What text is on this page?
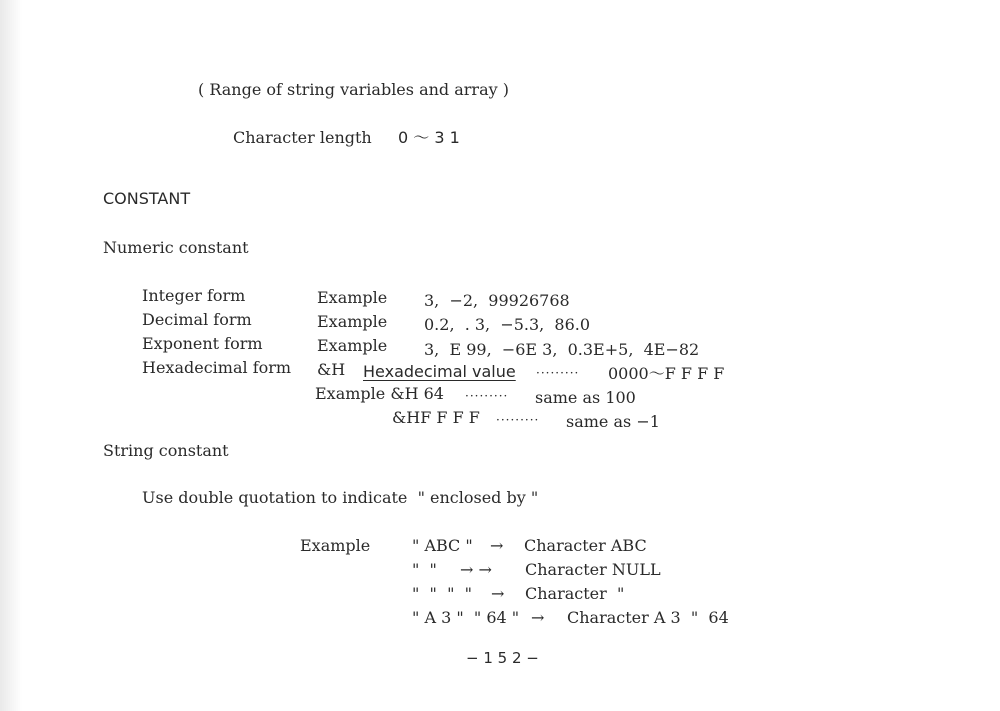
( Range of string variables and array )
Character length 0 ～ 3 1
CONSTANT
Numeric constant
Integer form	Example 3,  −2,  99926768
Decimal form	Example 0.2,  . 3,  −5.3,  86.0
Exponent form	Example 3,  E 99,  −6E 3,  0.3E+5,  4E−82
Hexadecimal form &H Hexadecimal value ········· 0000～F F F F
Example &H 64 ········· same as 100
&HF F F F ········· same as −1
String constant
Use double quotation to indicate  " enclosed by "
Example	" ABC " → Character ABC
"  " → → Character NULL
"  "  "  " → Character  "
" A 3 "  " 64 " → Character A 3  "  64
− 1 5 2 −
